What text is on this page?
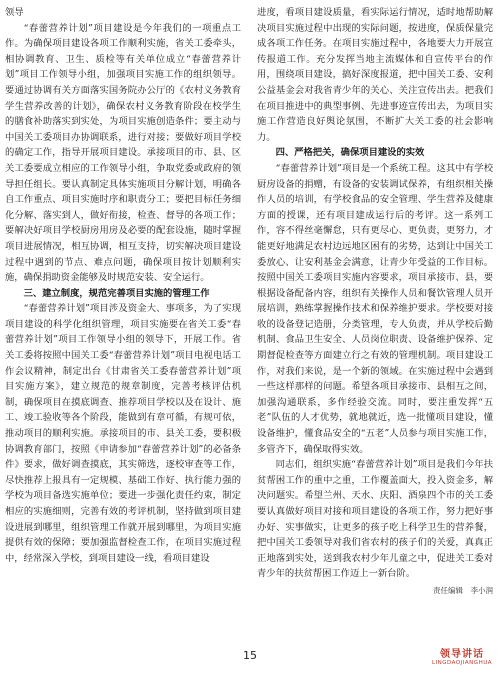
领导

“春蕾营养计划”项目建设是今年我们的一项重点工作。为确保项目建设各项工作顺利实施，省关工委牵头，相协调教育、卫生、质检等有关单位成立“春蕾营养计划”项目工作领导小组，加强项目实施工作的组织领导。要通过协调有关方面落实国务院办公厅的《农村义务教育学生营养改善的计划》，确保农村义务教育阶段在校学生的膳食补助落实到实处，为项目实施创造条件；要主动与中国关工委项目办协调联系，进行对接；要做好项目学校的确定工作，指导开展项目建设。承接项目的市、县、区关工委要成立相应的工作领导小组，争取党委或政府的领导担任组长。要认真制定具体实施项目分解计划，明确各自工作重点、项目实施时序和职责分工；要把目标任务细化分解、落实到人，做好衔接，检查、督导的各项工作；要解决好项目学校厨房用房及必要的配套设施，随时掌握项目进展情况，相互协调，相互支持，切实解决项目建设过程中遇到的节点、难点问题，确保项目按计划顺利实施，确保捐助资金能够及时规范安装、安全运行。

三、建立制度，规范完善项目实施的管理工作

“春蕾营养计划”项目涉及资金大、事项多，为了实现项目建设的科学化组织管理，项目实施要在省关工委“春蕾营养计划”项目工作领导小组的领导下，开展工作。省关工委将按照中国关工委“春蕾营养计划”项目电视电话工作会议精神，制定出台《甘肃省关工委春蕾营养计划”项目实施方案》，建立规范的规章制度，完善考核评估机制，确保项目在摸底调查、推荐项目学校以及在设计、施工、竣工验收等各个阶段，能做到有章可循，有规可依，推动项目的顺利实施。承接项目的市、县关工委，要积极协调教育部门，按照《申请参加“春蕾营养计划”的必备条件》要求，做好调查摸底，其实筛选，逐校审查等工作，尽快推荐上报具有一定规模、基础工作好、执行能力强的学校为项目备选实施单位；要进一步强化责任约束，制定相应的实施细则，完善有效的考评机制，坚持做到项目建设进展到哪里，组织管理工作就开展到哪里，为项目实施提供有效的保障；要加强监督检查工作，在项目实施过程中，经常深入学校，到项目建设一线，看项目建设

进度，看项目建设质量，看实际运行情况，适时地帮助解决项目实施过程中出现的实际问题，按进度，保质保量完成各项工作任务。在项目实施过程中，各地要大力开展宣传报道工作。充分发挥当地主流媒体和自宣传平台的作用，围绕项目建设，搞好深度报道，把中国关工委、安利公益基金会对我省青少年的关心、关注宣传出去。把我们在项目推进中的典型事例、先进事迹宣传出去，为项目实施工作营造良好舆论氛围，不断扩大关工委的社会影响力。

四、严格把关，确保项目建设的实效

“春蕾营养计划”项目是一个系统工程。这其中有学校厨房设备的捐赠，有设备的安装调试保养，有组织相关操作人员的培训，有学校食品的安全管理、学生营养及健康方面的授课，还有项目建成运行后的考评。这一系列工作，容不得丝毫懈怠，只有更尽心、更负责，更努力，才能更好地满足农村边远地区困有的劣势，达到让中国关工委放心、让安利基金会满意，让青少年受益的工作目标。按照中国关工委项目实施内容要求，项目承接市、县，要根据设备配备内容，组织有关操作人员和餐饮管理人员开展培训，熟练掌握操作技术和保养维护要求。学校要对接收的设备登记造册，分类管理，专人负责，并从学校后勤机制、食品卫生安全、人员岗位职责、设备维护保养、定期督促检查等方面建立行之有效的管理机制。项目建设工作，对我们来说，是一个新的领域。在实施过程中会遇到一些这样那样的问题。希望各项目承接市、县相互之间，加强沟通联系，多作经验交流。同时，要注重发挥“五老”队伍的人才优势，就地就近，选一批懂项目建设，懂设备维护，懂食品安全的“五老”人员参与项目实施工作，多管齐下，确保取得实效。

同志们，组织实施“春蕾营养计划”项目是我们今年扶贫帮困工作的重中之重，工作覆盖面大，投入资金多，解决问题实。希望兰州、天水、庆阳、酒泉四个市的关工委要认真做好项目对接和项目建设的各项工作，努力把好事办好、实事做实，让更多的孩子吃上科学卫生的营养餐，把中国关工委领导对我们省农村的孩子们的关爱，真真正正地落到实处，送到我农村少年儿童之中，促进关工委对青少年的扶贫帮困工作迈上一新台阶。

责任编辑　李小润
15	领导讲话
LINGDAOJIANGHUA
